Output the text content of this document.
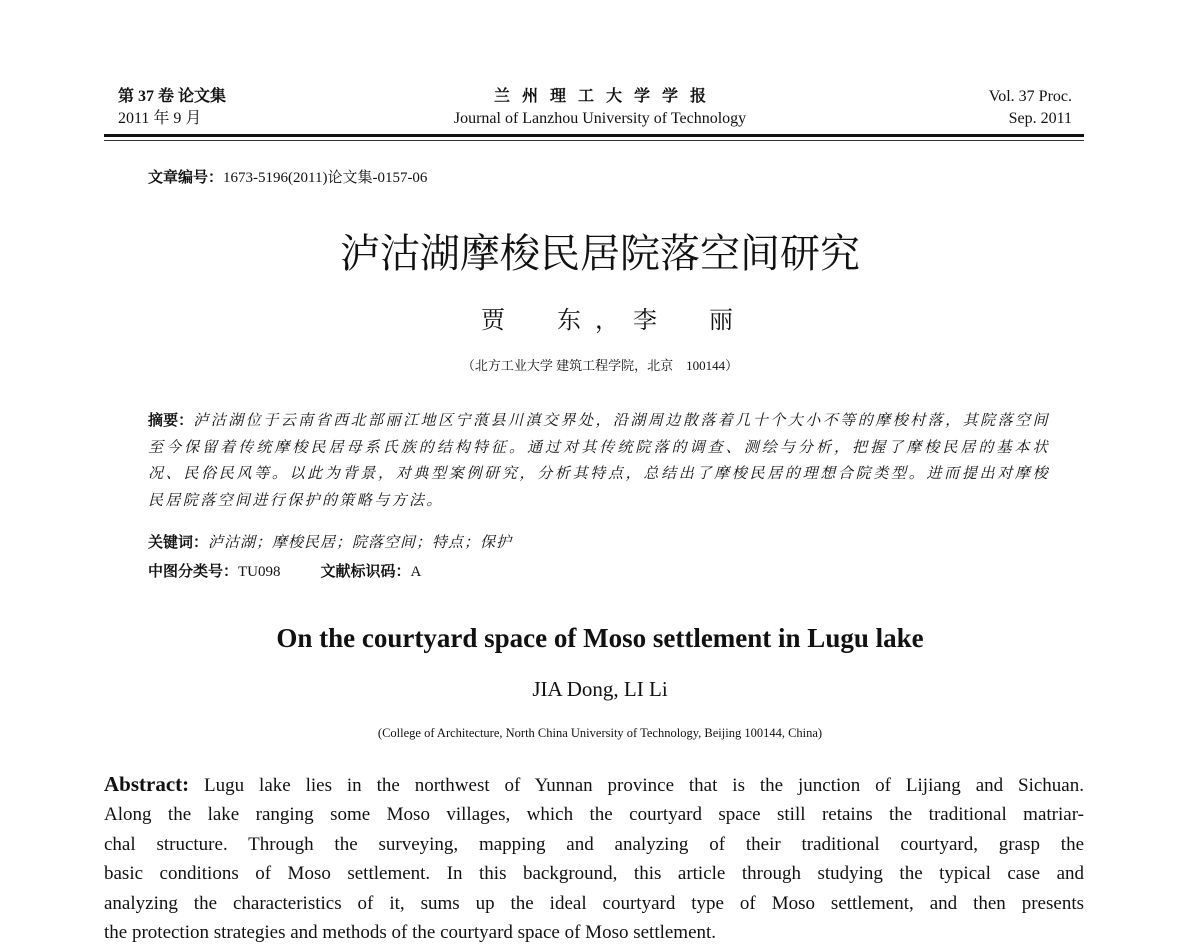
第 37 卷 论文集
2011 年 9 月
兰州理工大学学报
Journal of Lanzhou University of Technology
Vol. 37 Proc.
Sep. 2011
文章编号：1673-5196(2011)论文集-0157-06
泸沽湖摩梭民居院落空间研究
贾　东，李　丽
（北方工业大学 建筑工程学院，北京　100144）
摘要：泸沽湖位于云南省西北部丽江地区宁蒗县川滇交界处，沿湖周边散落着几十个大小不等的摩梭村落，其院落空间至今保留着传统摩梭民居母系氏族的结构特征。通过对其传统院落的调查、测绘与分析，把握了摩梭民居的基本状况、民俗民风等。以此为背景，对典型案例研究，分析其特点，总结出了摩梭民居的理想合院类型。进而提出对摩梭民居院落空间进行保护的策略与方法。
关键词：泸沽湖；摩梭民居；院落空间；特点；保护
中图分类号：TU098	文献标识码：A
On the courtyard space of Moso settlement in Lugu lake
JIA Dong, LI Li
(College of Architecture, North China University of Technology, Beijing 100144, China)
Abstract: Lugu lake lies in the northwest of Yunnan province that is the junction of Lijiang and Sichuan.
Along the lake ranging some Moso villages, which the courtyard space still retains the traditional matriar-
chal structure. Through the surveying, mapping and analyzing of their traditional courtyard, grasp the
basic conditions of Moso settlement. In this background, this article through studying the typical case and
analyzing the characteristics of it, sums up the ideal courtyard type of Moso settlement, and then presents
the protection strategies and methods of the courtyard space of Moso settlement.
